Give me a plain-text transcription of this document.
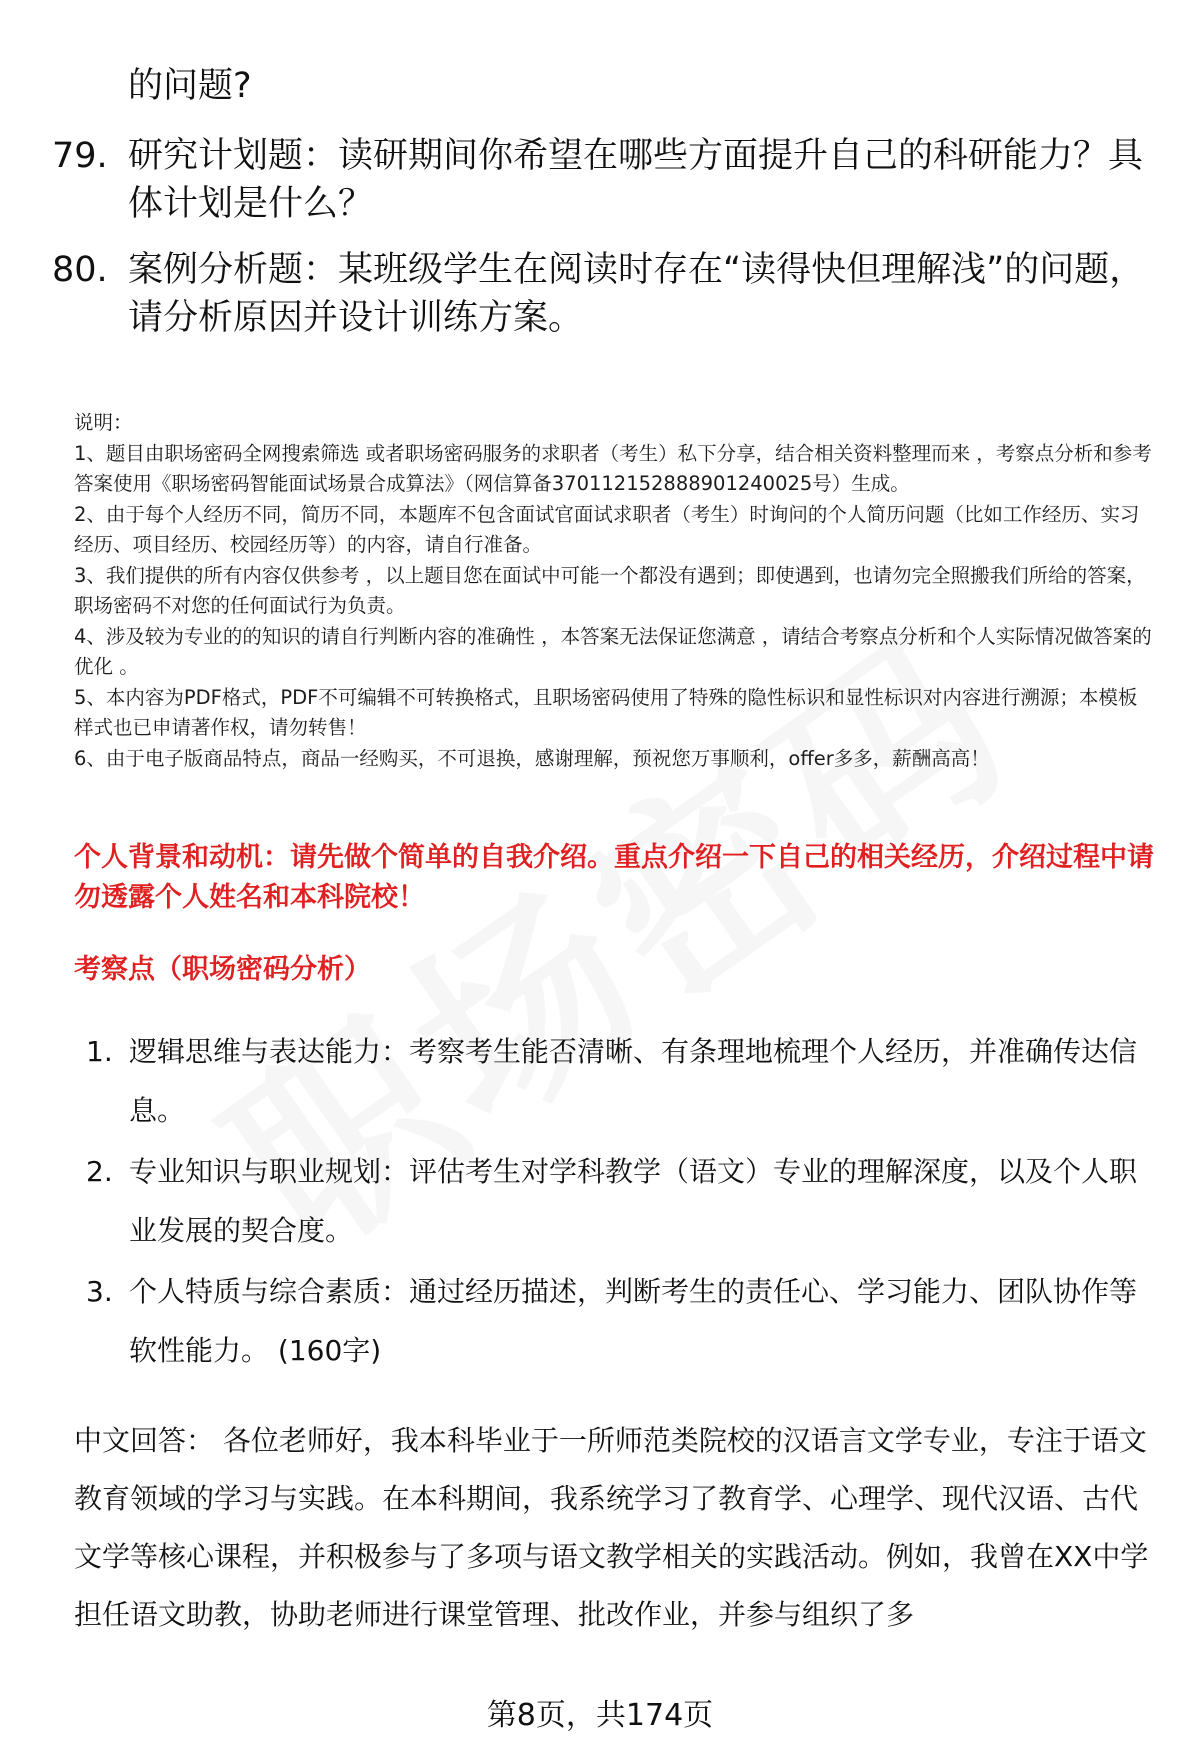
的问题?
79. 研究计划题：读研期间你希望在哪些方面提升自己的科研能力？具体计划是什么？
80. 案例分析题：某班级学生在阅读时存在“读得快但理解浅”的问题，请分析原因并设计训练方案。
说明：
1、题目由职场密码全网搜索筛选 或者职场密码服务的求职者（考生）私下分享，结合相关资料整理而来 ，考察点分析和参考答案使用《职场密码智能面试场景合成算法》（网信算备370112152888901240025号）生成。
2、由于每个人经历不同，简历不同，本题库不包含面试官面试求职者（考生）时询问的个人简历问题（比如工作经历、实习经历、项目经历、校园经历等）的内容，请自行准备。
3、我们提供的所有内容仅供参考 ，以上题目您在面试中可能一个都没有遇到；即使遇到，也请勿完全照搬我们所给的答案，职场密码不对您的任何面试行为负责。
4、涉及较为专业的的知识的请自行判断内容的准确性 ，本答案无法保证您满意 ，请结合考察点分析和个人实际情况做答案的优化 。
5、本内容为PDF格式，PDF不可编辑不可转换格式，且职场密码使用了特殊的隐性标识和显性标识对内容进行溯源；本模板样式也已申请著作权，请勿转售！
6、由于电子版商品特点，商品一经购买，不可退换，感谢理解，预祝您万事顺利，offer多多，薪酬高高！
个人背景和动机：请先做个简单的自我介绍。重点介绍一下自己的相关经历，介绍过程中请勿透露个人姓名和本科院校！
考察点（职场密码分析）
1. 逻辑思维与表达能力：考察考生能否清晰、有条理地梳理个人经历，并准确传达信息。
2. 专业知识与职业规划：评估考生对学科教学（语文）专业的理解深度，以及个人职业发展的契合度。
3. 个人特质与综合素质：通过经历描述，判断考生的责任心、学习能力、团队协作等软性能力。 (160字)
中文回答： 各位老师好，我本科毕业于一所师范类院校的汉语言文学专业，专注于语文教育领域的学习与实践。在本科期间，我系统学习了教育学、心理学、现代汉语、古代文学等核心课程，并积极参与了多项与语文教学相关的实践活动。例如，我曾在XX中学担任语文助教，协助老师进行课堂管理、批改作业，并参与组织了多
第8页，共174页
